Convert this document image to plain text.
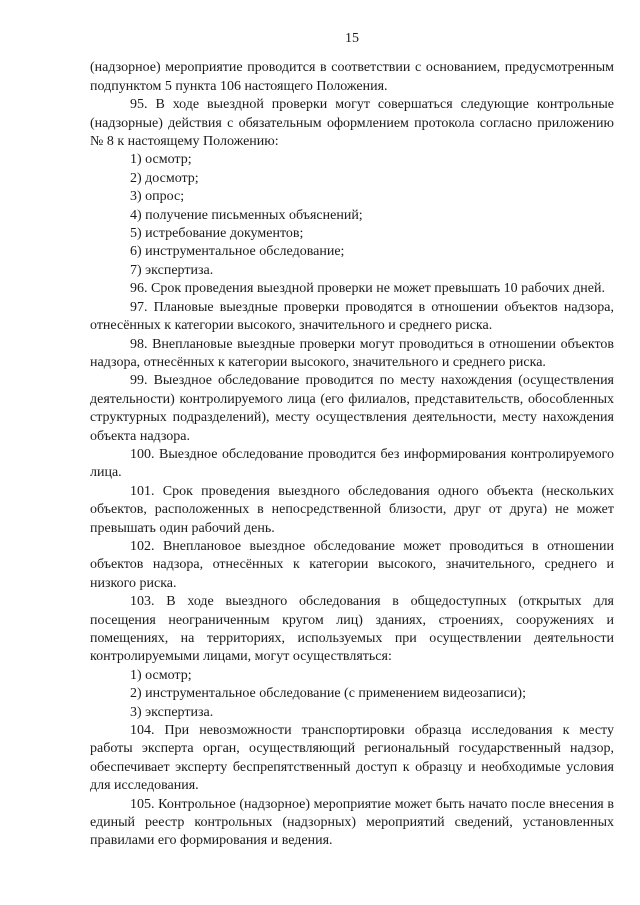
15

(надзорное) мероприятие проводится в соответствии с основанием, предусмотренным подпунктом 5 пункта 106 настоящего Положения.

95. В ходе выездной проверки могут совершаться следующие контрольные (надзорные) действия с обязательным оформлением протокола согласно приложению № 8 к настоящему Положению:

1) осмотр;
2) досмотр;
3) опрос;
4) получение письменных объяснений;
5) истребование документов;
6) инструментальное обследование;
7) экспертиза.

96. Срок проведения выездной проверки не может превышать 10 рабочих дней.

97. Плановые выездные проверки проводятся в отношении объектов надзора, отнесённых к категории высокого, значительного и среднего риска.

98. Внеплановые выездные проверки могут проводиться в отношении объектов надзора, отнесённых к категории высокого, значительного и среднего риска.

99. Выездное обследование проводится по месту нахождения (осуществления деятельности) контролируемого лица (его филиалов, представительств, обособленных структурных подразделений), месту осуществления деятельности, месту нахождения объекта надзора.

100. Выездное обследование проводится без информирования контролируемого лица.

101. Срок проведения выездного обследования одного объекта (нескольких объектов, расположенных в непосредственной близости, друг от друга) не может превышать один рабочий день.

102. Внеплановое выездное обследование может проводиться в отношении объектов надзора, отнесённых к категории высокого, значительного, среднего и низкого риска.

103. В ходе выездного обследования в общедоступных (открытых для посещения неограниченным кругом лиц) зданиях, строениях, сооружениях и помещениях, на территориях, используемых при осуществлении деятельности контролируемыми лицами, могут осуществляться:

1) осмотр;
2) инструментальное обследование (с применением видеозаписи);
3) экспертиза.

104. При невозможности транспортировки образца исследования к месту работы эксперта орган, осуществляющий региональный государственный надзор, обеспечивает эксперту беспрепятственный доступ к образцу и необходимые условия для исследования.

105. Контрольное (надзорное) мероприятие может быть начато после внесения в единый реестр контрольных (надзорных) мероприятий сведений, установленных правилами его формирования и ведения.
